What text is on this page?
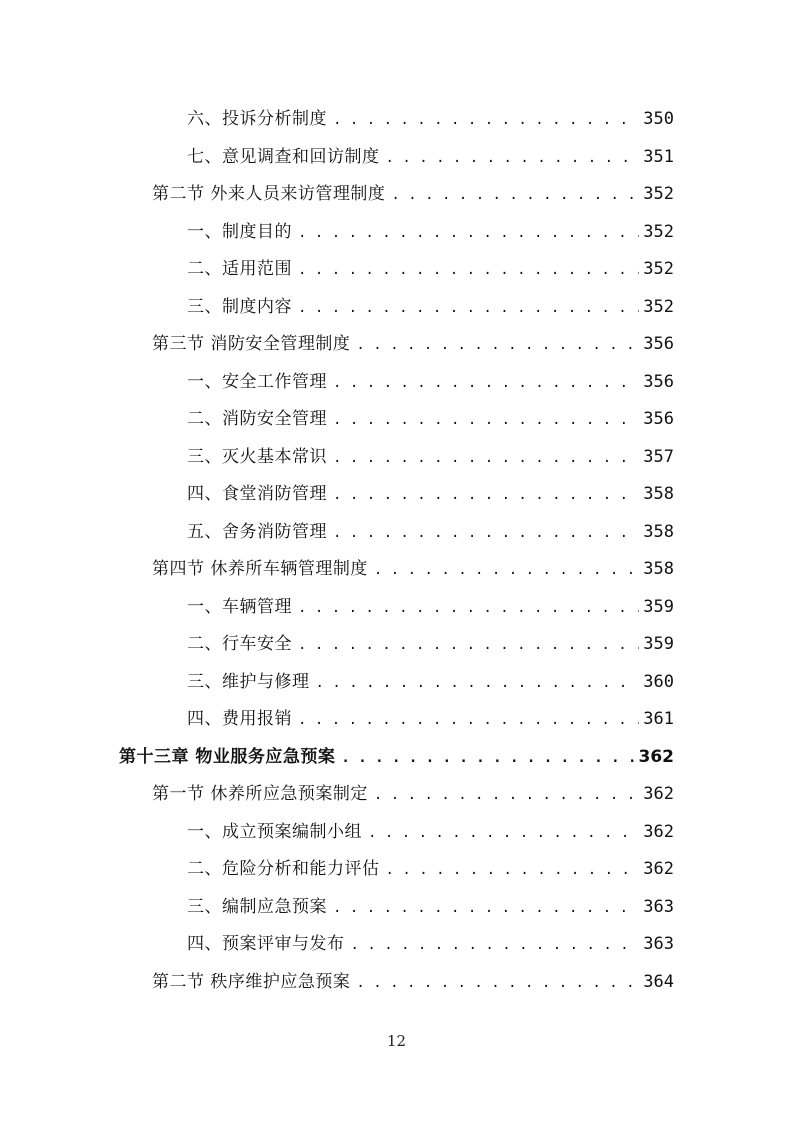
六、投诉分析制度 . . .	350
七、意见调查和回访制度 . . .	351
第二节 外来人员来访管理制度 . . .	352
一、制度目的 . . .	352
二、适用范围 . . .	352
三、制度内容 . . .	352
第三节 消防安全管理制度 . . .	356
一、安全工作管理 . . .	356
二、消防安全管理 . . .	356
三、灭火基本常识 . . .	357
四、食堂消防管理 . . .	358
五、舍务消防管理 . . .	358
第四节 休养所车辆管理制度 . . .	358
一、车辆管理 . . .	359
二、行车安全 . . .	359
三、维护与修理 . . .	360
四、费用报销 . . .	361
第十三章 物业服务应急预案 . . .	362
第一节 休养所应急预案制定 . . .	362
一、成立预案编制小组 . . .	362
二、危险分析和能力评估 . . .	362
三、编制应急预案 . . .	363
四、预案评审与发布 . . .	363
第二节 秩序维护应急预案 . . .	364
12
